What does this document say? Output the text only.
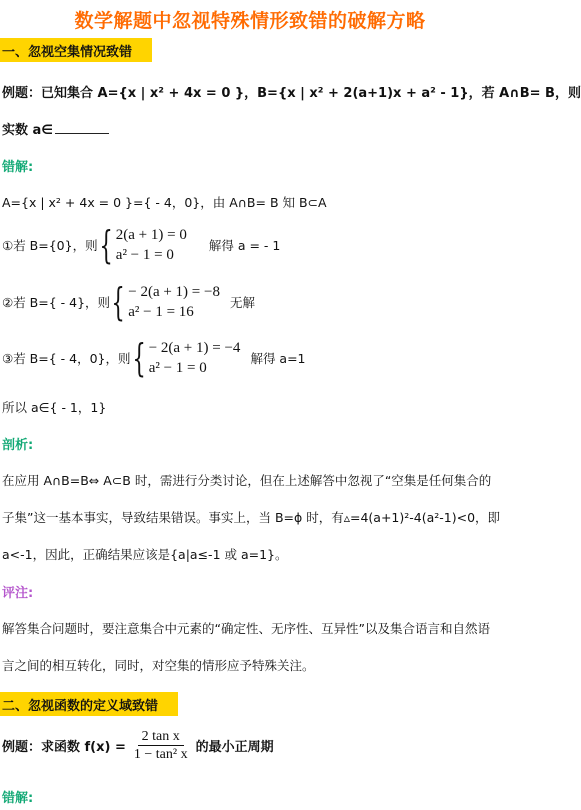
数学解题中忽视特殊情形致错的破解方略
一、忽视空集情况致错
例题：已知集合 A={x | x² + 4x = 0 }，B={x | x² + 2(a+1)x + a² - 1}，若 A∩B= B，则
实数 a∈
错解:
A={x | x² + 4x = 0 }={ - 4，0}，由 A∩B= B 知 B⊂A
①若 B={0}，则 { 2(a + 1) = 0
a² − 1 = 0
解得 a = - 1
②若 B={ - 4}，则 { − 2(a + 1) = −8
a² − 1 = 16
无解
③若 B={ - 4，0}，则 { − 2(a + 1) = −4
a² − 1 = 0
解得 a=1
所以 a∈{ - 1，1}
剖析:
在应用 A∩B=B⇔ A⊂B 时，需进行分类讨论，但在上述解答中忽视了“空集是任何集合的
子集”这一基本事实，导致结果错误。事实上，当 B=ϕ 时，有▵=4(a+1)²-4(a²-1)<0，即
a<-1，因此，正确结果应该是{a|a≤-1 或 a=1}。
评注:
解答集合问题时，要注意集合中元素的“确定性、无序性、互异性”以及集合语言和自然语
言之间的相互转化，同时，对空集的情形应予特殊关注。
二、忽视函数的定义域致错
例题：求函数 $f(x) = \frac{\text{2 tan x}}{\text{1 − tan² x}}$ 的最小正周期
错解:
